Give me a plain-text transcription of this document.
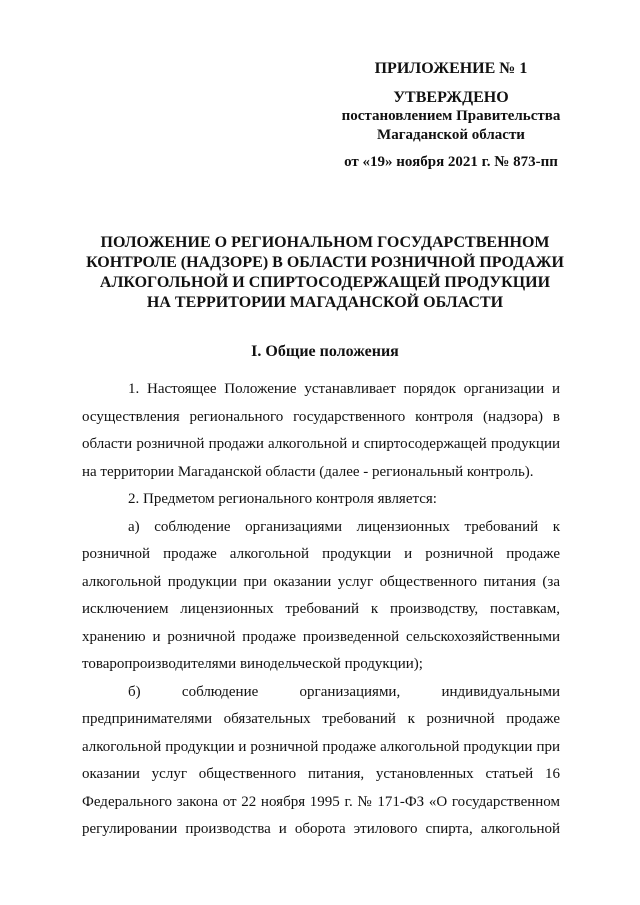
ПРИЛОЖЕНИЕ № 1
УТВЕРЖДЕНО
постановлением Правительства
Магаданской области
от «19» ноября 2021 г. № 873-пп
ПОЛОЖЕНИЕ О РЕГИОНАЛЬНОМ ГОСУДАРСТВЕННОМ
КОНТРОЛЕ (НАДЗОРЕ) В ОБЛАСТИ РОЗНИЧНОЙ ПРОДАЖИ
АЛКОГОЛЬНОЙ И СПИРТОСОДЕРЖАЩЕЙ ПРОДУКЦИИ
НА ТЕРРИТОРИИ МАГАДАНСКОЙ ОБЛАСТИ
I. Общие положения

1. Настоящее Положение устанавливает порядок организации и осуществления регионального государственного контроля (надзора) в области розничной продажи алкогольной и спиртосодержащей продукции на территории Магаданской области (далее - региональный контроль).

2. Предметом регионального контроля является:

а) соблюдение организациями лицензионных требований к розничной продаже алкогольной продукции и розничной продаже алкогольной продукции при оказании услуг общественного питания (за исключением лицензионных требований к производству, поставкам, хранению и розничной продаже произведенной сельскохозяйственными товаропроизводителями винодельческой продукции);

б) соблюдение организациями, индивидуальными предпринимателями обязательных требований к розничной продаже алкогольной продукции и розничной продаже алкогольной продукции при оказании услуг общественного питания, установленных статьей 16 Федерального закона от 22 ноября 1995 г. № 171-ФЗ «О государственном регулировании производства и оборота этилового спирта, алкогольной
